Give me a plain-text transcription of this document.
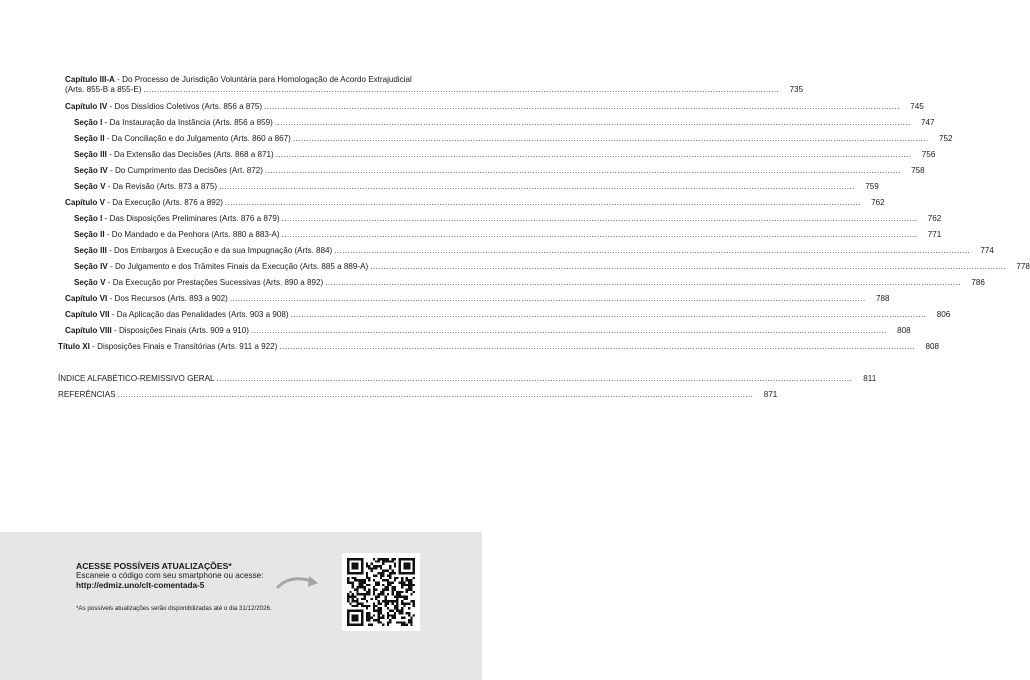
Capítulo III-A - Do Processo de Jurisdição Voluntária para Homologação de Acordo Extrajudicial
(Arts. 855-B a 855-E) .....	735
Capítulo IV - Dos Dissídios Coletivos (Arts. 856 a 875) .....	745
Seção I - Da Instauração da Instância (Arts. 856 a 859) .....	747
Seção II - Da Conciliação e do Julgamento (Arts. 860 a 867) .....	752
Seção III - Da Extensão das Decisões (Arts. 868 a 871) .....	756
Seção IV - Do Cumprimento das Decisões (Art. 872) .....	758
Seção V - Da Revisão (Arts. 873 a 875) .....	759
Capítulo V - Da Execução (Arts. 876 a 892) .....	762
Seção I - Das Disposições Preliminares (Arts. 876 a 879) .....	762
Seção II - Do Mandado e da Penhora (Arts. 880 a 883-A) .....	771
Seção III - Dos Embargos à Execução e da sua Impugnação (Arts. 884) .....	774
Seção IV - Do Julgamento e dos Trâmites Finais da Execução (Arts. 885 a 889-A) .....	778
Seção V - Da Execução por Prestações Sucessivas (Arts. 890 a 892) .....	786
Capítulo VI - Dos Recursos (Arts. 893 a 902) .....	788
Capítulo VII - Da Aplicação das Penalidades (Arts. 903 a 908) .....	806
Capítulo VIII - Disposições Finais (Arts. 909 a 910) .....	808
Título XI - Disposições Finais e Transitórias (Arts. 911 a 922) .....	808
ÍNDICE ALFABÉTICO-REMISSIVO GERAL .....	811
REFERÊNCIAS .....	871
ACESSE POSSÍVEIS ATUALIZAÇÕES*
Escaneie o código com seu smartphone ou acesse:
http://edmiz.uno/clt-comentada-5
*As possíveis atualizações serão disponibilizadas até o dia 31/12/2026.
